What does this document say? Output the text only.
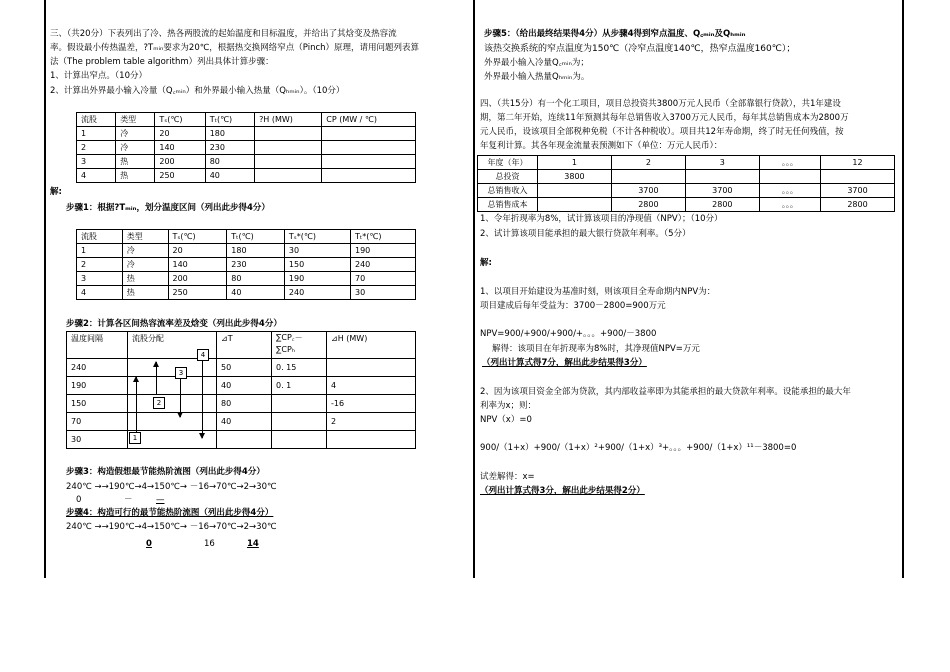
三、（共20分）下表列出了冷、热各两股流的起始温度和目标温度，并给出了其焓变及热容流
率。假设最小传热温差，?Tₘᵢₙ要求为20℃，根据热交换网络窄点（Pinch）原理，请用问题列表算
法（The problem table algorithm）列出具体计算步骤：
1、计算出窄点。（10分）
2、计算出外界最小输入冷量（Q꜀ₘᵢₙ）和外界最小输入热量（Qₕₘᵢₙ）。（10分）
流股	类型	Tₛ(℃)	Tₜ(℃)	?H (MW)	CP (MW / ℃)
1	冷	20	180		
2	冷	140	230		
3	热	200	80		
4	热	250	40		
解:
步骤1：根据?Tₘᵢₙ，划分温度区间（列出此步得4分）
流股	类型	Tₛ(℃)	Tₜ(℃)	Tₛ*(℃)	Tₜ*(℃)
1	冷	20	180	30	190
2	冷	140	230	150	240
3	热	200	80	190	70
4	热	250	40	240	30
步骤2：计算各区间热容流率差及焓变（列出此步得4分）
温度间隔	流股分配	⊿T	∑CP꜀－
∑CPₕ	⊿H (MW)
240		50	0. 15	
190		40	0. 1	4
150		80		-16
70		40		2
30					1
2
3
4
步骤3：构造假想最节能热阶流图（列出此步得4分）
240℃ →→190℃→4→150℃→ －16→70℃→2→30℃
0	－	—
步骤4：构造可行的最节能热阶流图（列出此步得4分）
240℃ →→190℃→4→150℃→ －16→70℃→2→30℃
0	16	14
步骤5：（给出最终结果得4分）从步骤4得到窄点温度、Q꜀ₘᵢₙ及Qₕₘᵢₙ
该热交换系统的窄点温度为150℃（冷窄点温度140℃，热窄点温度160℃）；
外界最小输入冷量Q꜀ₘᵢₙ为；
外界最小输入热量Qₕₘᵢₙ为。
四、（共15分）有一个化工项目，项目总投资共3800万元人民币（全部靠银行贷款），共1年建设
期，第二年开始，连续11年预测其每年总销售收入3700万元人民币，每年其总销售成本为2800万
元人民币，设该项目全部税种免税（不计各种税收）。项目共12年寿命期，终了时无任何残值，按
年复利计算。其各年现金流量表预测如下（单位：万元人民币）：
年度（年）	1	2	3	。。。	12
总投资	3800				
总销售收入		3700	3700	。。。	3700
总销售成本		2800	2800	。。。	2800
1、令年折现率为8%，试计算该项目的净现值（NPV）；（10分）
2、试计算该项目能承担的最大银行贷款年利率。（5分）
解:
1、以项目开始建设为基准时刻，则该项目全寿命期内NPV为：
项目建成后每年受益为：3700－2800=900万元
NPV=900/+900/+900/+。。。+900/－3800
解得：该项目在年折现率为8%时，其净现值NPV=万元
（列出计算式得7分，解出此步结果得3分）
2、因为该项目资金全部为贷款，其内部收益率即为其能承担的最大贷款年利率。设能承担的最大年
利率为x；则：
NPV（x）=0
900/（1+x）+900/（1+x）²+900/（1+x）³+。。。+900/（1+x）¹¹－3800=0
试差解得：x=
（列出计算式得3分，解出此步结果得2分）
